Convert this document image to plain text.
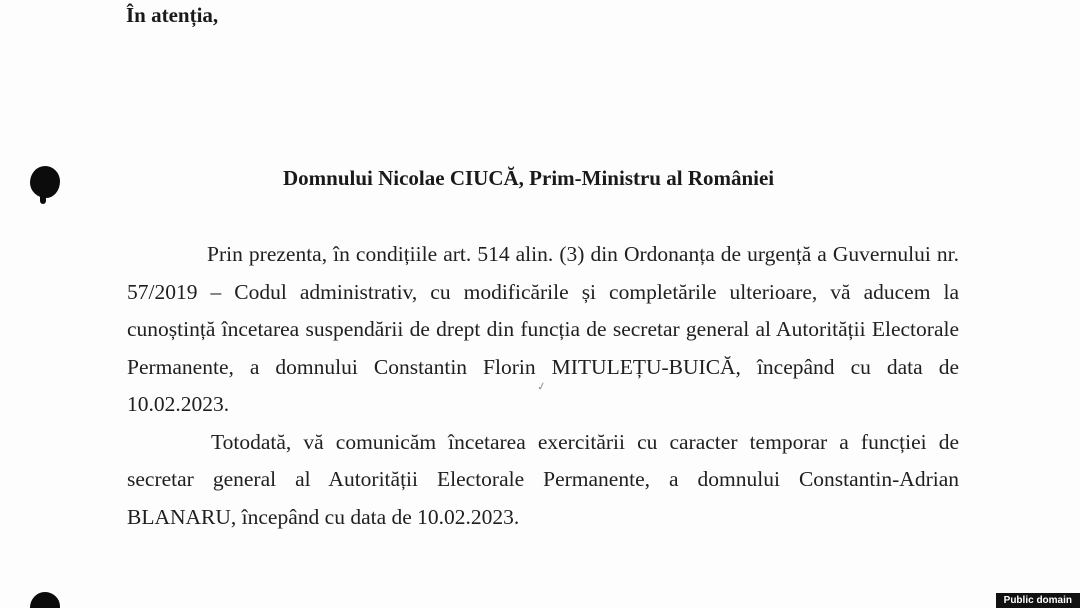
În atenția,

Domnului Nicolae CIUCĂ, Prim-Ministru al României

Prin prezenta, în condițiile art. 514 alin. (3) din Ordonanța de urgență a Guvernului nr. 57/2019 – Codul administrativ, cu modificările și completările ulterioare, vă aducem la cunoștință încetarea suspendării de drept din funcția de secretar general al Autorității Electorale Permanente, a domnului Constantin Florin MITULEȚU-BUICĂ, începând cu data de 10.02.2023.

Totodată, vă comunicăm încetarea exercitării cu caracter temporar a funcției de secretar general al Autorității Electorale Permanente, a domnului Constantin-Adrian BLANARU, începând cu data de 10.02.2023.

✓
Public domain
